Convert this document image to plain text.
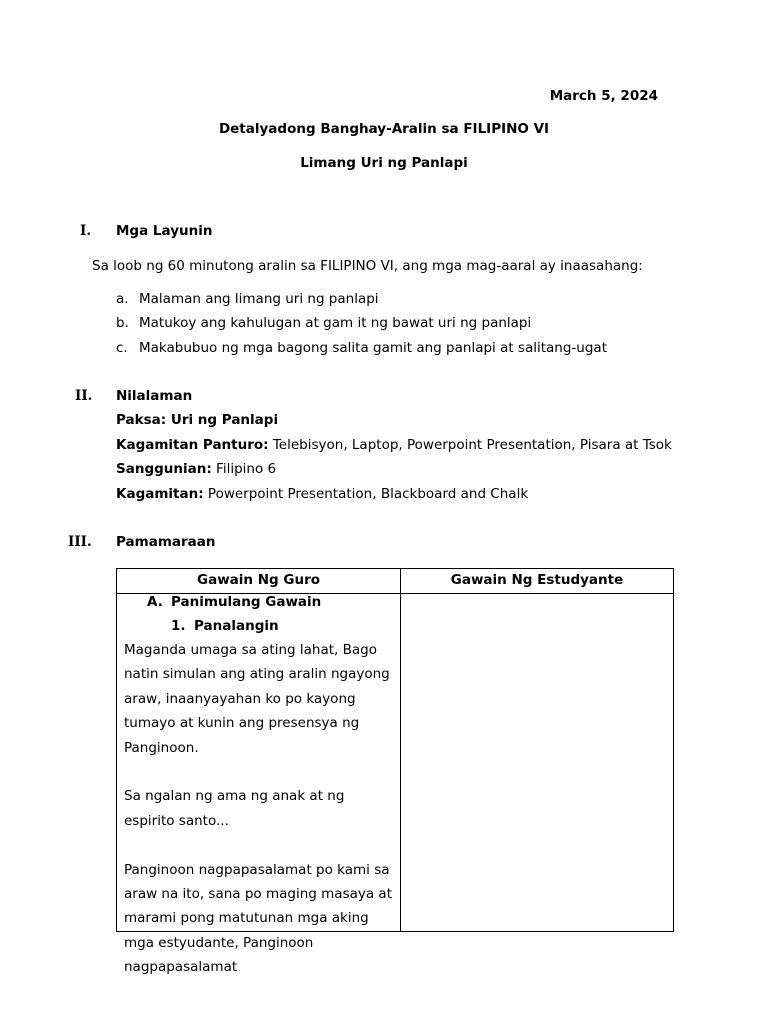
March 5, 2024
Detalyadong Banghay-Aralin sa FILIPINO VI
Limang Uri ng Panlapi
I. Mga Layunin
Sa loob ng 60 minutong aralin sa FILIPINO VI, ang mga mag-aaral ay inaasahang:
a. Malaman ang limang uri ng panlapi
b. Matukoy ang kahulugan at gam it ng bawat uri ng panlapi
c. Makabubuo ng mga bagong salita gamit ang panlapi at salitang-ugat
II. Nilalaman
Paksa: Uri ng Panlapi
Kagamitan Panturo: Telebisyon, Laptop, Powerpoint Presentation, Pisara at Tsok
Sanggunian: Filipino 6
Kagamitan: Powerpoint Presentation, Blackboard and Chalk
III. Pamamaraan
Gawain Ng Guro	Gawain Ng Estudyante
A. Panimulang Gawain
1. Panalangin

Maganda umaga sa ating lahat, Bago natin simulan ang ating aralin ngayong araw, inaanyayahan ko po kayong tumayo at kunin ang presensya ng Panginoon.

Sa ngalan ng ama ng anak at ng espirito santo...

Panginoon nagpapasalamat po kami sa araw na ito, sana po maging masaya at marami pong matutunan mga aking mga estyudante, Panginoon nagpapasalamat
